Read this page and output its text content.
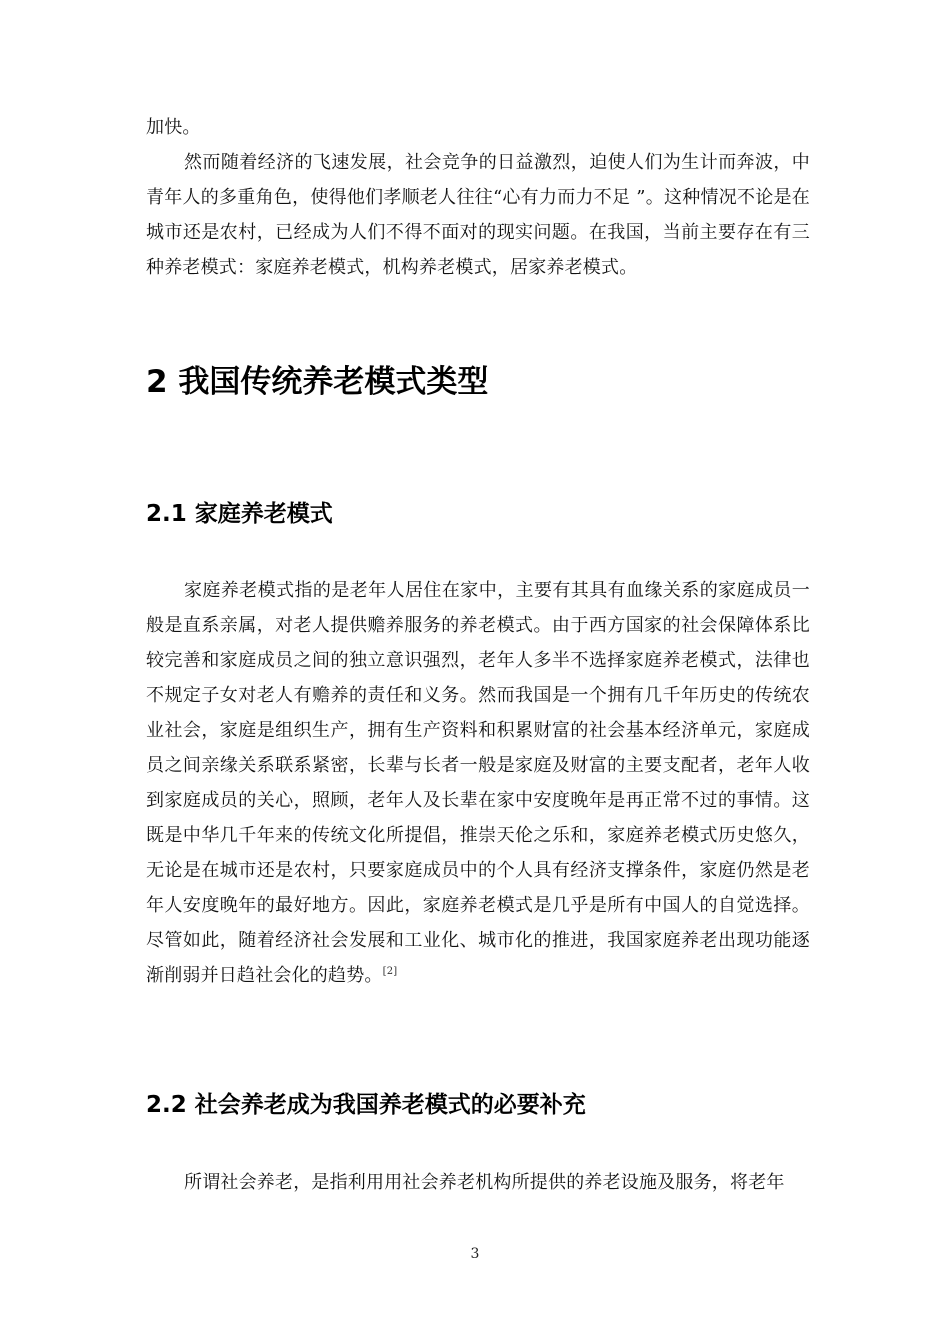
加快。

然而随着经济的飞速发展，社会竞争的日益激烈，迫使人们为生计而奔波，中青年人的多重角色，使得他们孝顺老人往往“心有力而力不足 ”。这种情况不论是在城市还是农村，已经成为人们不得不面对的现实问题。在我国，当前主要存在有三种养老模式：家庭养老模式，机构养老模式，居家养老模式。

2 我国传统养老模式类型
2.1 家庭养老模式

家庭养老模式指的是老年人居住在家中，主要有其具有血缘关系的家庭成员一般是直系亲属，对老人提供赡养服务的养老模式。由于西方国家的社会保障体系比较完善和家庭成员之间的独立意识强烈，老年人多半不选择家庭养老模式，法律也不规定子女对老人有赡养的责任和义务。然而我国是一个拥有几千年历史的传统农业社会，家庭是组织生产，拥有生产资料和积累财富的社会基本经济单元，家庭成员之间亲缘关系联系紧密，长辈与长者一般是家庭及财富的主要支配者，老年人收到家庭成员的关心，照顾，老年人及长辈在家中安度晚年是再正常不过的事情。这既是中华几千年来的传统文化所提倡，推崇天伦之乐和，家庭养老模式历史悠久，无论是在城市还是农村，只要家庭成员中的个人具有经济支撑条件，家庭仍然是老年人安度晚年的最好地方。因此，家庭养老模式是几乎是所有中国人的自觉选择。尽管如此，随着经济社会发展和工业化、城市化的推进，我国家庭养老出现功能逐渐削弱并日趋社会化的趋势。[2]

2.2 社会养老成为我国养老模式的必要补充

所谓社会养老，是指利用用社会养老机构所提供的养老设施及服务，将老年

3
